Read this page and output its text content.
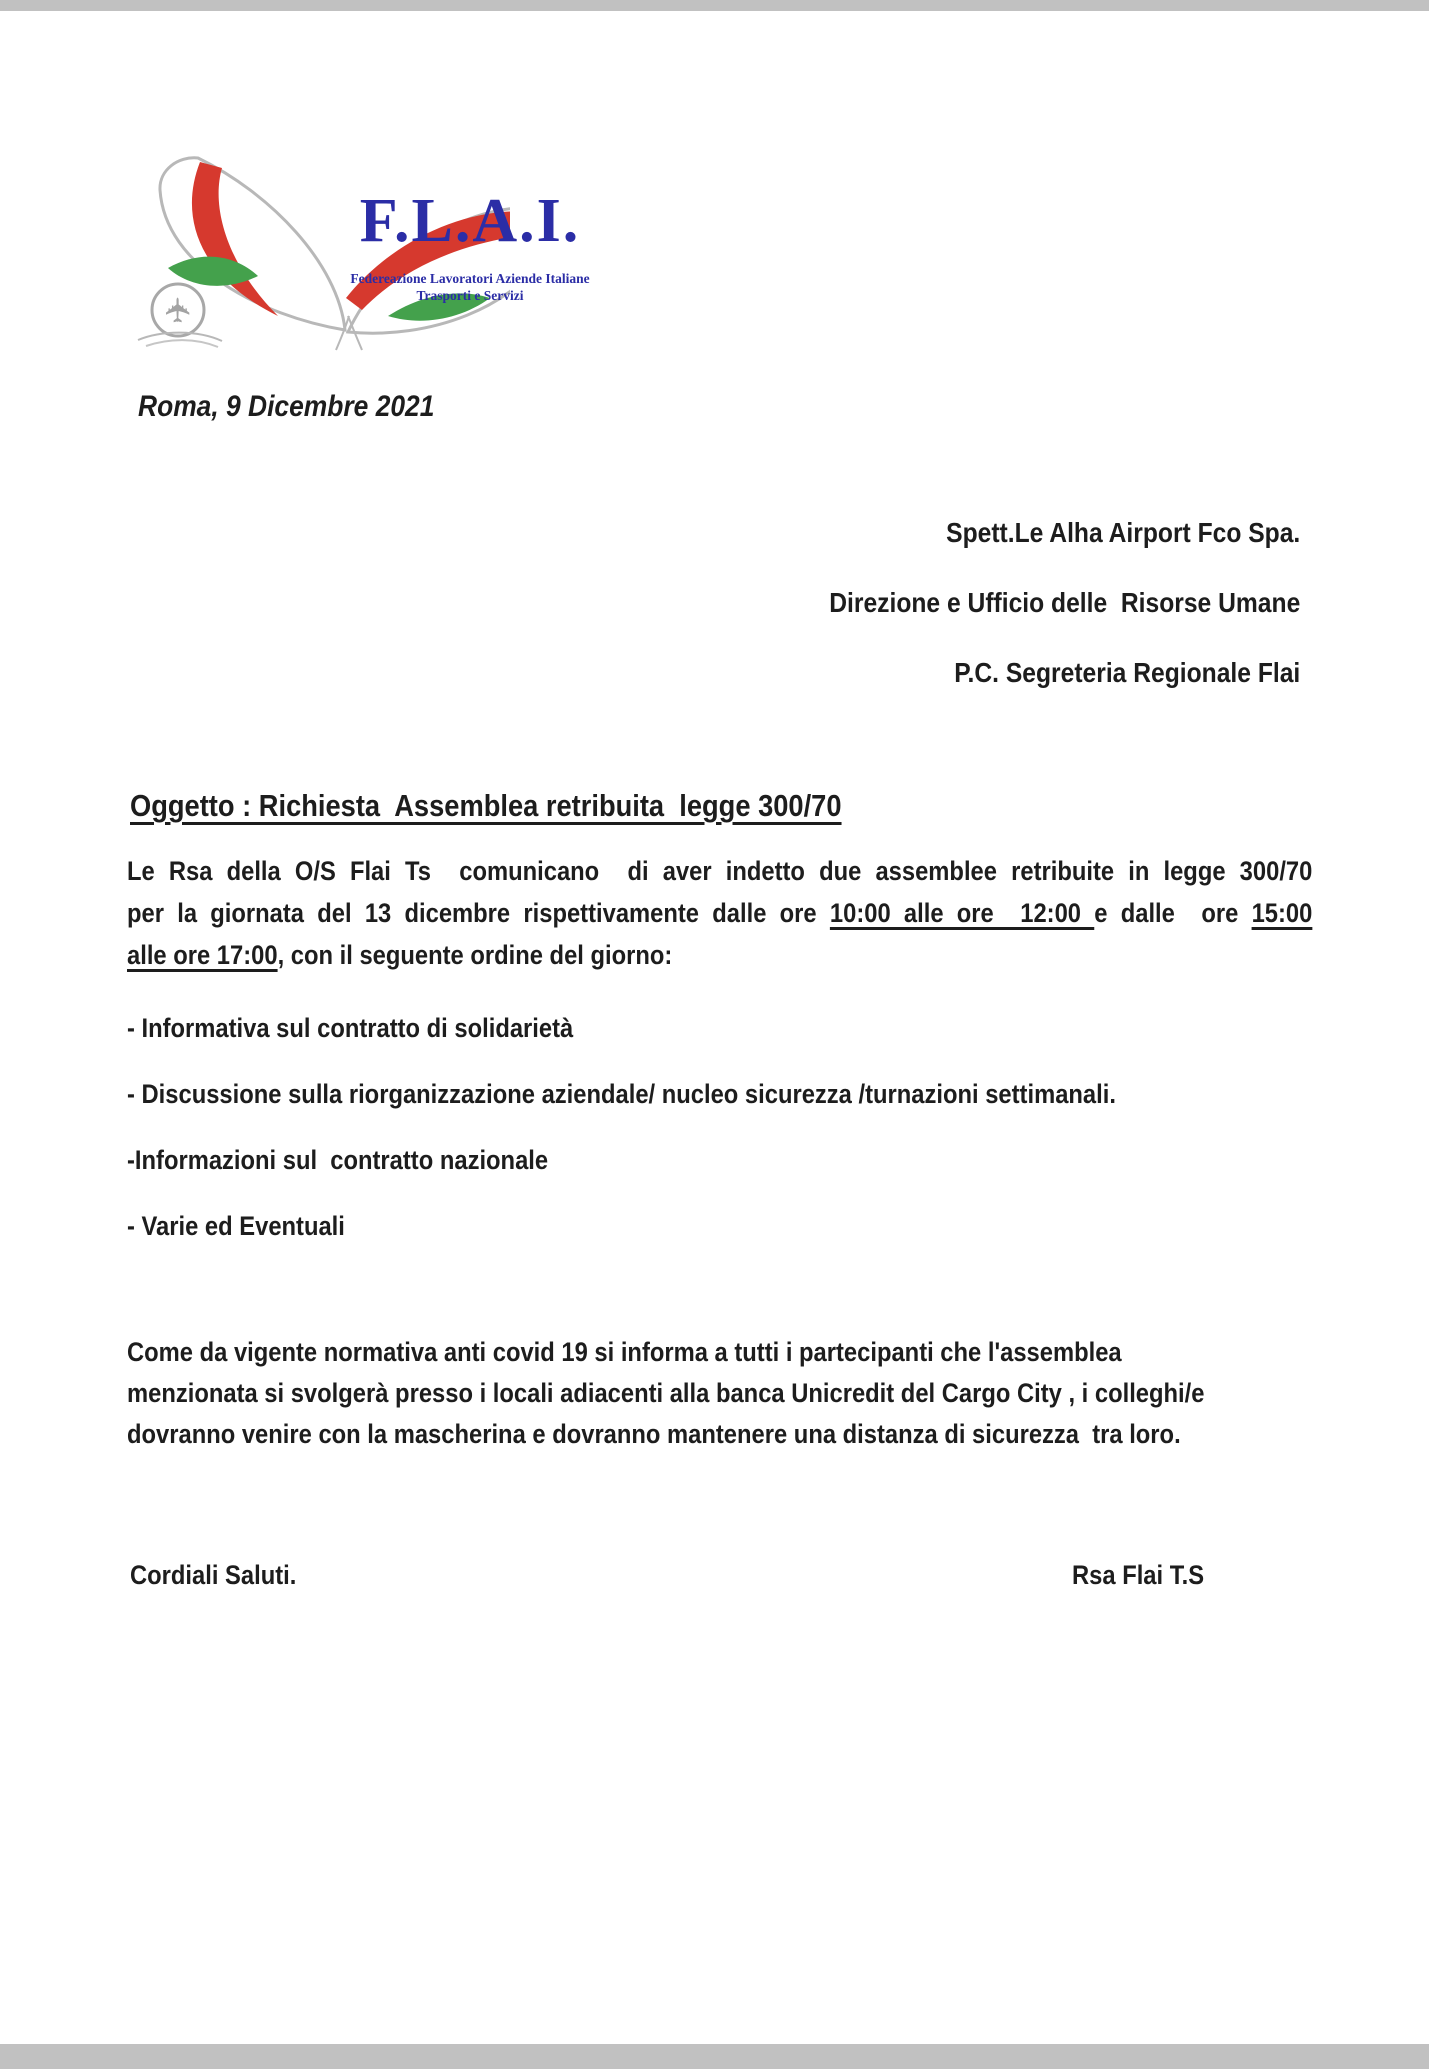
✈
F.L.A.I.
Federeazione Lavoratori Aziende Italiane
Trasporti e Servizi
Roma, 9 Dicembre 2021
Spett.Le Alha Airport Fco Spa.
Direzione e Ufficio delle  Risorse Umane
P.C. Segreteria Regionale Flai
Oggetto : Richiesta  Assemblea retribuita  legge 300/70
Le Rsa della O/S Flai Ts  comunicano  di aver indetto due assemblee retribuite in legge 300/70
per la giornata del 13 dicembre rispettivamente dalle ore 10:00 alle ore  12:00 e dalle  ore 15:00
alle ore 17:00, con il seguente ordine del giorno:
- Informativa sul contratto di solidarietà
- Discussione sulla riorganizzazione aziendale/ nucleo sicurezza /turnazioni settimanali.
-Informazioni sul  contratto nazionale
- Varie ed Eventuali
Come da vigente normativa anti covid 19 si informa a tutti i partecipanti che l'assemblea
menzionata si svolgerà presso i locali adiacenti alla banca Unicredit del Cargo City , i colleghi/e
dovranno venire con la mascherina e dovranno mantenere una distanza di sicurezza  tra loro.
Cordiali Saluti.	Rsa Flai T.S
